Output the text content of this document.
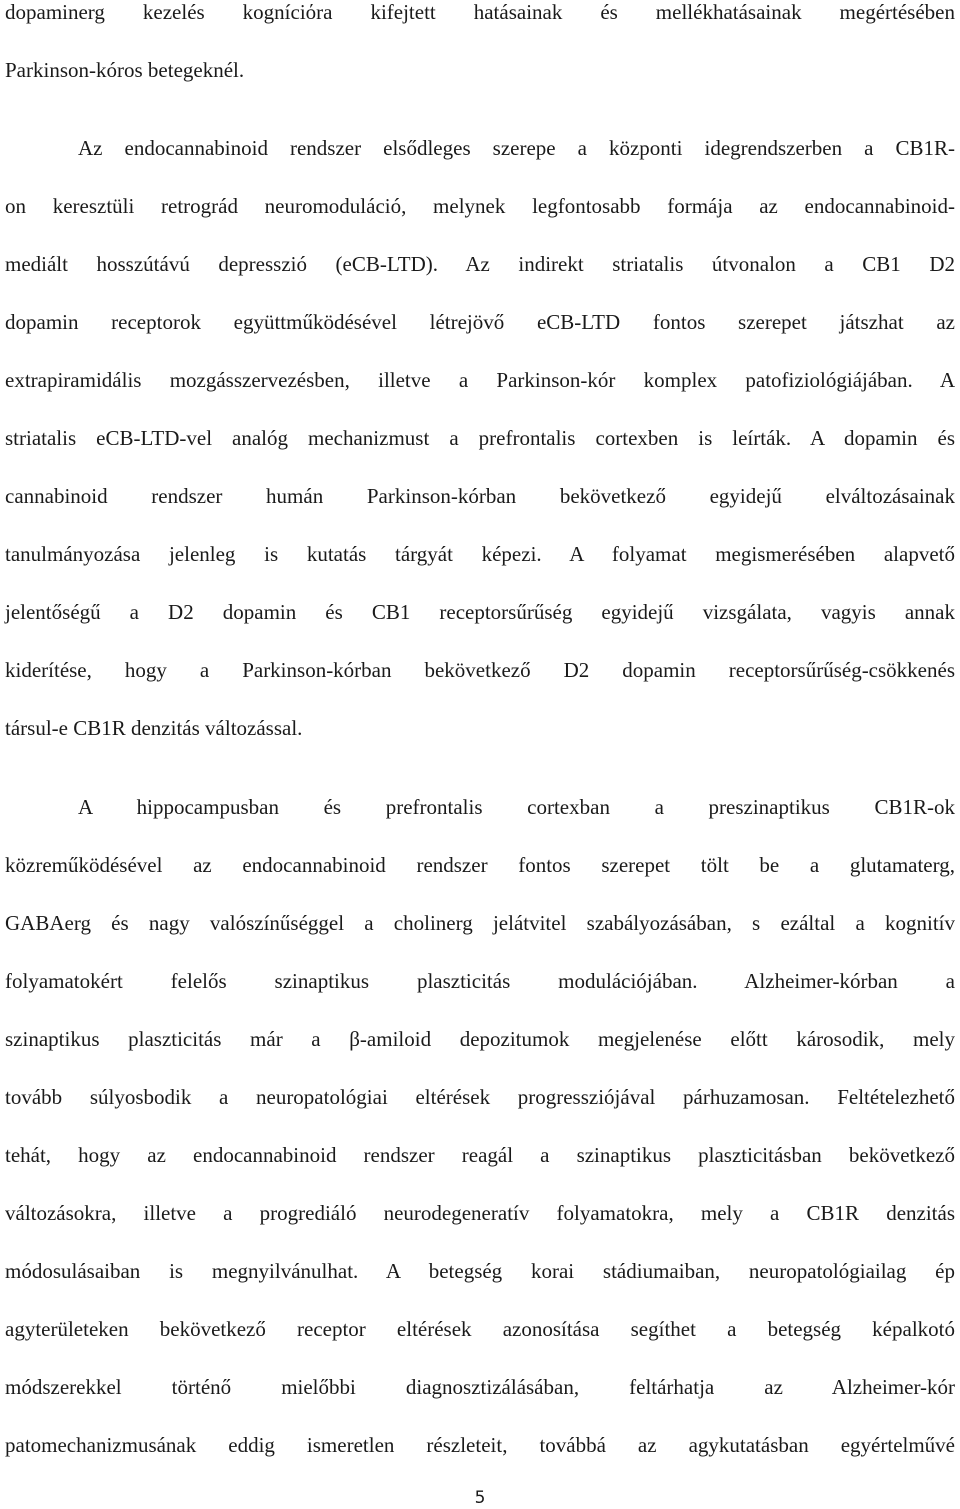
dopaminerg kezelés kogníciόra kifejtett hatásainak és mellékhatásainak megértésében
Parkinson-kóros betegeknél.
Az endocannabinoid rendszer elsődleges szerepe a központi idegrendszerben a CB1R-
on keresztüli retrográd neuromoduláció, melynek legfontosabb formája az endocannabinoid-
mediált hosszútávú depresszió (eCB-LTD). Az indirekt striatalis útvonalon a CB1 D2
dopamin receptorok együttműködésével létrejövő eCB-LTD fontos szerepet játszhat az
extrapiramidális mozgásszervezésben, illetve a Parkinson-kór komplex patofiziológiájában. A
striatalis eCB-LTD-vel analóg mechanizmust a prefrontalis cortexben is leírták. A dopamin és
cannabinoid rendszer humán Parkinson-kórban bekövetkező egyidejű elváltozásainak
tanulmányozása jelenleg is kutatás tárgyát képezi. A folyamat megismerésében alapvető
jelentőségű a D2 dopamin és CB1 receptorsűrűség egyidejű vizsgálata, vagyis annak
kiderítése, hogy a Parkinson-kórban bekövetkező D2 dopamin receptorsűrűség-csökkenés
társul-e CB1R denzitás változással.
A hippocampusban és prefrontalis cortexban a preszinaptikus CB1R-ok
közreműködésével az endocannabinoid rendszer fontos szerepet tölt be a glutamaterg,
GABAerg és nagy valószínűséggel a cholinerg jelátvitel szabályozásában, s ezáltal a kognitív
folyamatokért felelős szinaptikus plaszticitás modulációjában. Alzheimer-kórban a
szinaptikus plaszticitás már a β-amiloid depozitumok megjelenése előtt károsodik, mely
tovább súlyosbodik a neuropatológiai eltérések progressziójával párhuzamosan. Feltételezhető
tehát, hogy az endocannabinoid rendszer reagál a szinaptikus plaszticitásban bekövetkező
változásokra, illetve a progrediáló neurodegeneratív folyamatokra, mely a CB1R denzitás
módosulásaiban is megnyilvánulhat. A betegség korai stádiumaiban, neuropatológiailag ép
agyterületeken bekövetkező receptor eltérések azonosítása segíthet a betegség képalkotó
módszerekkel történő mielőbbi diagnosztizálásában, feltárhatja az Alzheimer-kór
patomechanizmusának eddig ismeretlen részleteit, továbbá az agykutatásban egyértelművé
5
